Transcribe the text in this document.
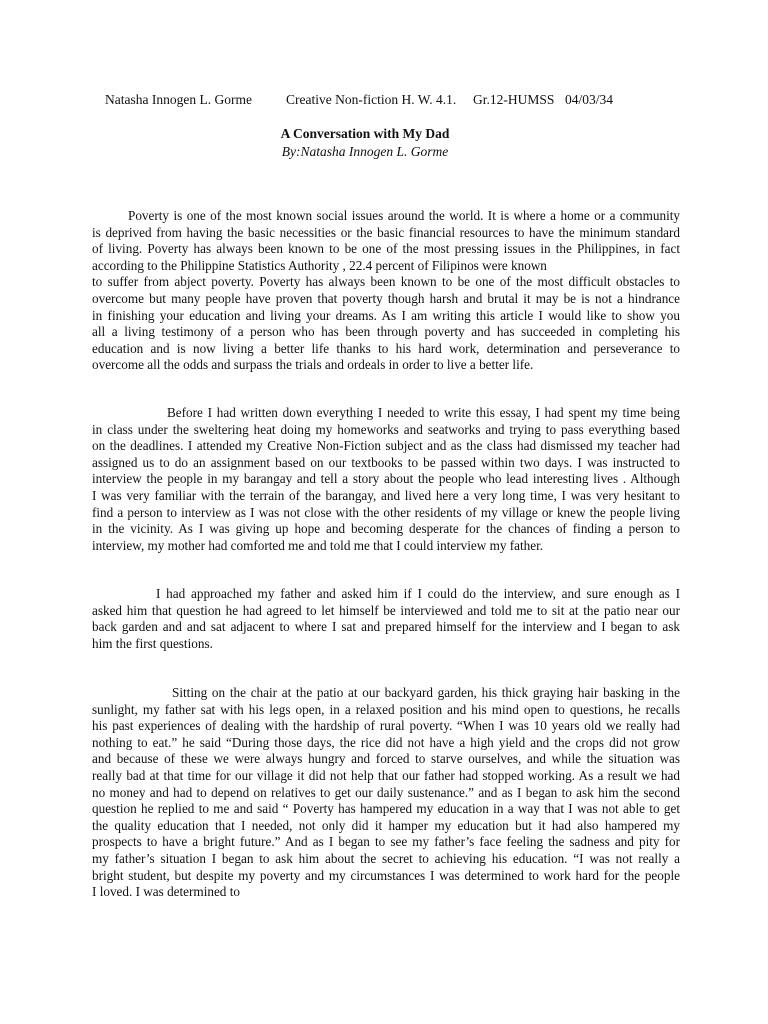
Natasha Innogen L. Gorme	Creative Non-fiction H. W. 4.1. Gr.12-HUMSS 04/03/34
A Conversation with My Dad
By:Natasha Innogen L. Gorme
Poverty is one of the most known social issues around the world. It is where a home or a community
is deprived from having the basic necessities or the basic financial resources to have the minimum standard
of living. Poverty has always been known to be one of the most pressing issues in the Philippines, in fact
according to the Philippine Statistics Authority , 22.4 percent of Filipinos were known
to suffer from abject poverty. Poverty has always been known to be one of the most difficult obstacles to
overcome but many people have proven that poverty though harsh and brutal it may be is not a hindrance
in finishing your education and living your dreams. As I am writing this article I would like to show you
all a living testimony of a person who has been through poverty and has succeeded in completing his
education and is now living a better life thanks to his hard work, determination and perseverance to
overcome all the odds and surpass the trials and ordeals in order to live a better life.
Before I had written down everything I needed to write this essay, I had spent my time being
in class under the sweltering heat doing my homeworks and seatworks and trying to pass everything based
on the deadlines. I attended my Creative Non-Fiction subject and as the class had dismissed my teacher had
assigned us to do an assignment based on our textbooks to be passed within two days. I was instructed to
interview the people in my barangay and tell a story about the people who lead interesting lives . Although
I was very familiar with the terrain of the barangay, and lived here a very long time, I was very hesitant to
find a person to interview as I was not close with the other residents of my village or knew the people living
in the vicinity. As I was giving up hope and becoming desperate for the chances of finding a person to
interview, my mother had comforted me and told me that I could interview my father.
I had approached my father and asked him if I could do the interview, and sure enough as I
asked him that question he had agreed to let himself be interviewed and told me to sit at the patio near our
back garden and and sat adjacent to where I sat and prepared himself for the interview and I began to ask
him the first questions.
Sitting on the chair at the patio at our backyard garden, his thick graying hair basking in the
sunlight, my father sat with his legs open, in a relaxed position and his mind open to questions, he recalls
his past experiences of dealing with the hardship of rural poverty. “When I was 10 years old we really had
nothing to eat.” he said “During those days, the rice did not have a high yield and the crops did not grow
and because of these we were always hungry and forced to starve ourselves, and while the situation was
really bad at that time for our village it did not help that our father had stopped working. As a result we had
no money and had to depend on relatives to get our daily sustenance.” and as I began to ask him the second
question he replied to me and said “ Poverty has hampered my education in a way that I was not able to get
the quality education that I needed, not only did it hamper my education but it had also hampered my
prospects to have a bright future.” And as I began to see my father’s face feeling the sadness and pity for
my father’s situation I began to ask him about the secret to achieving his education. “I was not really a
bright student, but despite my poverty and my circumstances I was determined to work hard for the people
I loved. I was determined to
